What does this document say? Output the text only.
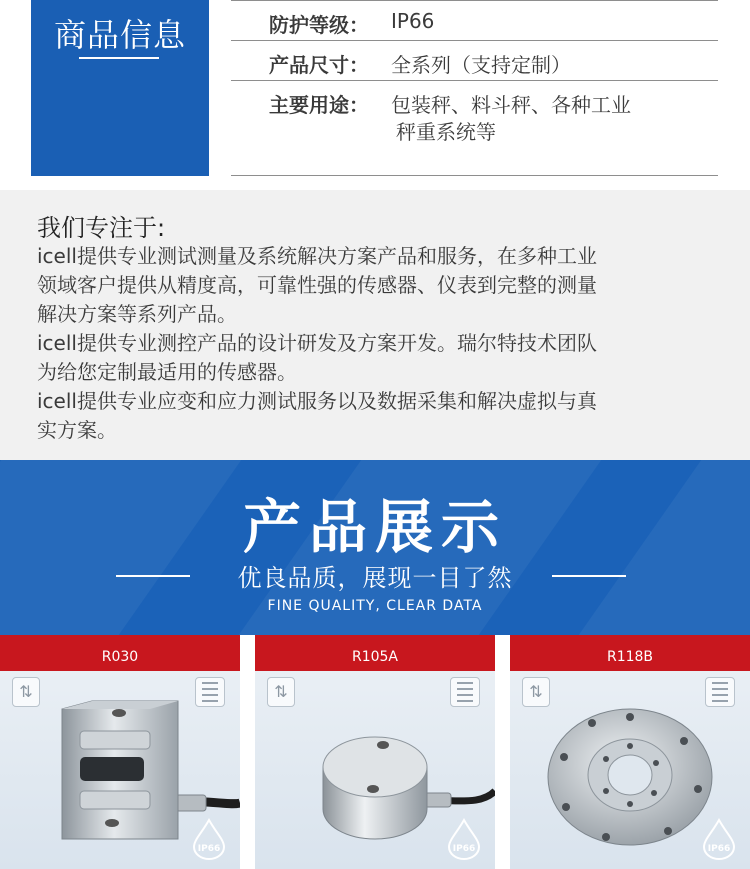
商品信息	防护等级： IP66
产品尺寸： 全系列（支持定制）
主要用途： 包装秤、料斗秤、各种工业
秤重系统等
我们专注于:
icell提供专业测试测量及系统解决方案产品和服务，在多种工业
领域客户提供从精度高，可靠性强的传感器、仪表到完整的测量
解决方案等系列产品。
icell提供专业测控产品的设计研发及方案开发。瑞尔特技术团队
为给您定制最适用的传感器。
icell提供专业应变和应力测试服务以及数据采集和解决虚拟与真
实方案。
产品展示
优良品质，展现一目了然
FINE QUALITY, CLEAR DATA
R030
⇅
IP66
R105A
⇅
IP66
R118B
⇅
IP66
